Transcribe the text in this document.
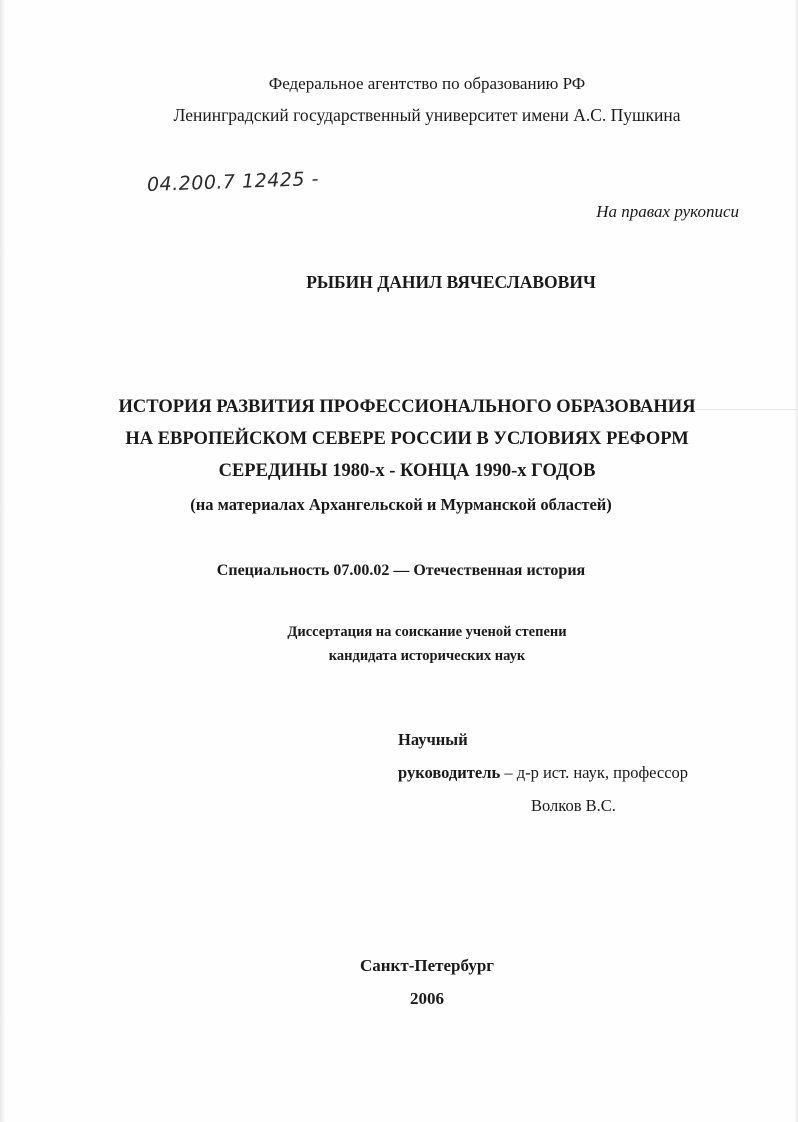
Федеральное агентство по образованию РФ
Ленинградский государственный университет имени А.С. Пушкина
04.200.7 12425 -
На правах рукописи
РЫБИН ДАНИЛ ВЯЧЕСЛАВОВИЧ
ИСТОРИЯ РАЗВИТИЯ ПРОФЕССИОНАЛЬНОГО ОБРАЗОВАНИЯ
НА ЕВРОПЕЙСКОМ СЕВЕРЕ РОССИИ В УСЛОВИЯХ РЕФОРМ
СЕРЕДИНЫ 1980-х - КОНЦА 1990-х ГОДОВ
(на материалах Архангельской и Мурманской областей)
Специальность 07.00.02 — Отечественная история
Диссертация на соискание ученой степени
кандидата исторических наук
Научный
руководитель – д-р ист. наук, профессор
Волков В.С.
Санкт-Петербург
2006
